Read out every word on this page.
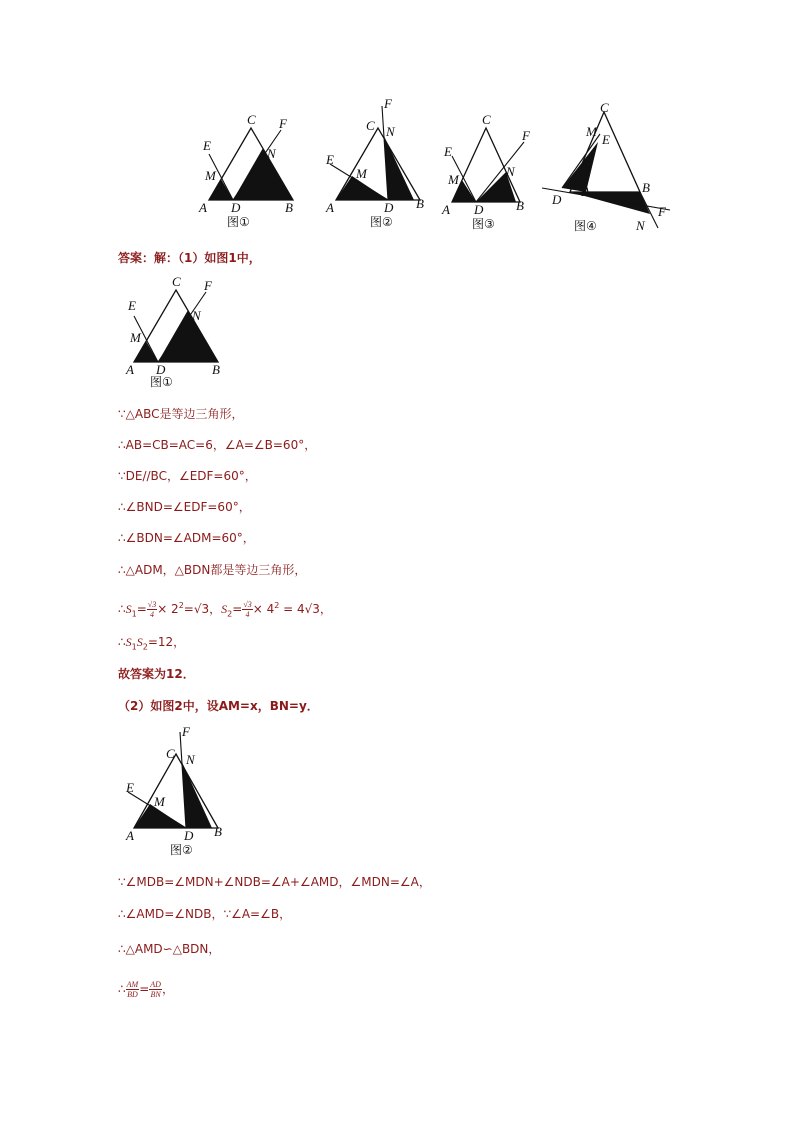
A
C
B
D
E
F
M
N
图①
A
C
B
D
E
F
M
N
图②
A
C
B
D
E
F
M
N
图③
A
C
B
D
E
F
M
N
图④
答案：解：（1）如图1中，
A
C
B
D
E
F
M
N
图①
∵△ABC是等边三角形，
∴AB=CB=AC=6，∠A=∠B=60°，
∵DE//BC，∠EDF=60°，
∴∠BND=∠EDF=60°，
∴∠BDN=∠ADM=60°，
∴△ADM，△BDN都是等边三角形，
$\therefore S_1= \frac{√3}{4} \times 2^2=√3$，$S_2= \frac{√3}{4} \times 4^2 = 4√3$，
$\therefore S_1S_2=12$，
故答案为12．
（2）如图2中，设AM=x，BN=y．
A
C
B
D
E
F
M
N
图②
∵∠MDB=∠MDN+∠NDB=∠A+∠AMD，∠MDN=∠A，
∴∠AMD=∠NDB，∵∠A=∠B，
∴△AMD∽△BDN，
∴ $\frac{AM}{BD} = \frac{AD}{BN}$ ，
